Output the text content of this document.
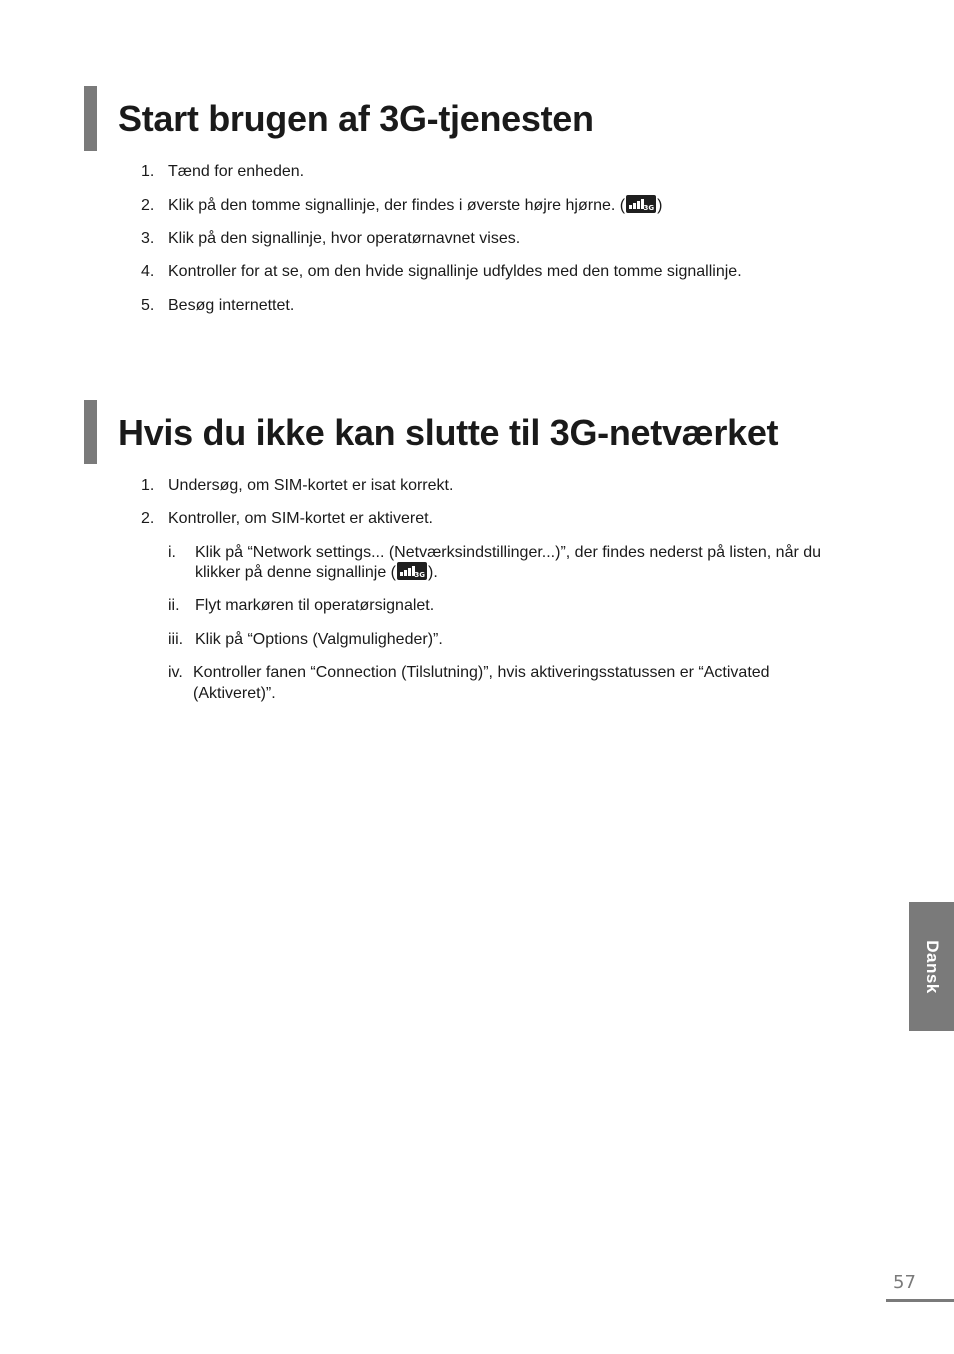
Start brugen af 3G-tjenesten
1. Tænd for enheden.
2. Klik på den tomme signallinje, der findes i øverste højre hjørne. (	3G )
3. Klik på den signallinje, hvor operatørnavnet vises.
4. Kontroller for at se, om den hvide signallinje udfyldes med den tomme signallinje.
5. Besøg internettet.
Hvis du ikke kan slutte til 3G-netværket
1. Undersøg, om SIM-kortet er isat korrekt.
2. Kontroller, om SIM-kortet er aktiveret.
i. Klik på “Network settings... (Netværksindstillinger...)”, der findes nederst på listen, når du
klikker på denne signallinje (	3G ).
ii. Flyt markøren til operatørsignalet.
iii. Klik på “Options (Valgmuligheder)”.
iv. Kontroller fanen “Connection (Tilslutning)”, hvis aktiveringsstatussen er “Activated
(Aktiveret)”.
Dansk
57
